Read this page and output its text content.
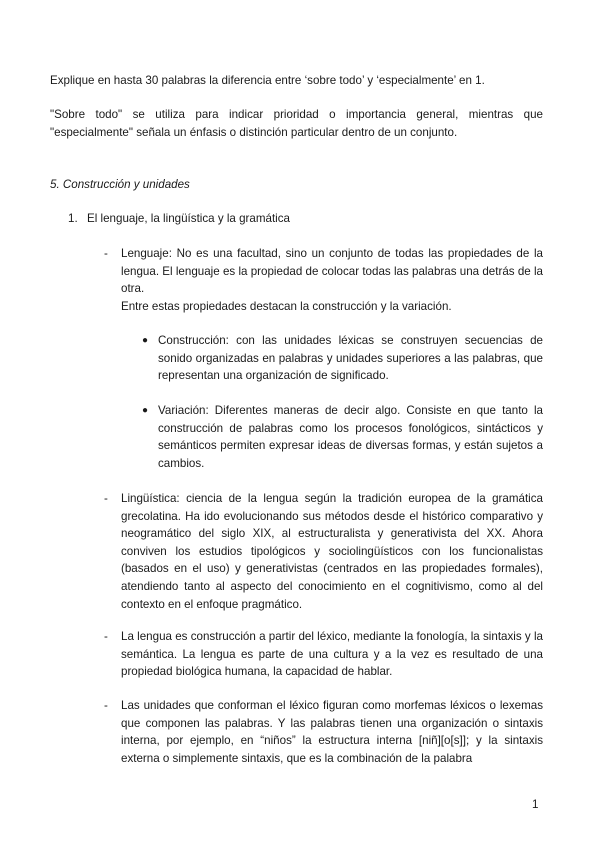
Explique en hasta 30 palabras la diferencia entre ‘sobre todo’ y ‘especialmente’ en 1.

"Sobre todo" se utiliza para indicar prioridad o importancia general, mientras que "especialmente" señala un énfasis o distinción particular dentro de un conjunto.

5. Construcción y unidades

1. El lenguaje, la lingüística y la gramática

- Lenguaje: No es una facultad, sino un conjunto de todas las propiedades de la lengua. El lenguaje es la propiedad de colocar todas las palabras una detrás de la otra.

Entre estas propiedades destacan la construcción y la variación.

● Construcción: con las unidades léxicas se construyen secuencias de sonido organizadas en palabras y unidades superiores a las palabras, que representan una organización de significado.

● Variación: Diferentes maneras de decir algo. Consiste en que tanto la construcción de palabras como los procesos fonológicos, sintácticos y semánticos permiten expresar ideas de diversas formas, y están sujetos a cambios.

- Lingüística: ciencia de la lengua según la tradición europea de la gramática grecolatina. Ha ido evolucionando sus métodos desde el histórico comparativo y neogramático del siglo XIX, al estructuralista y generativista del XX. Ahora conviven los estudios tipológicos y sociolingüísticos con los funcionalistas (basados en el uso) y generativistas (centrados en las propiedades formales), atendiendo tanto al aspecto del conocimiento en el cognitivismo, como al del contexto en el enfoque pragmático.

- La lengua es construcción a partir del léxico, mediante la fonología, la sintaxis y la semántica. La lengua es parte de una cultura y a la vez es resultado de una propiedad biológica humana, la capacidad de hablar.

- Las unidades que conforman el léxico figuran como morfemas léxicos o lexemas que componen las palabras. Y las palabras tienen una organización o sintaxis interna, por ejemplo, en “niños” la estructura interna [niñ][o[s]]; y la sintaxis externa o simplemente sintaxis, que es la combinación de la palabra

1
